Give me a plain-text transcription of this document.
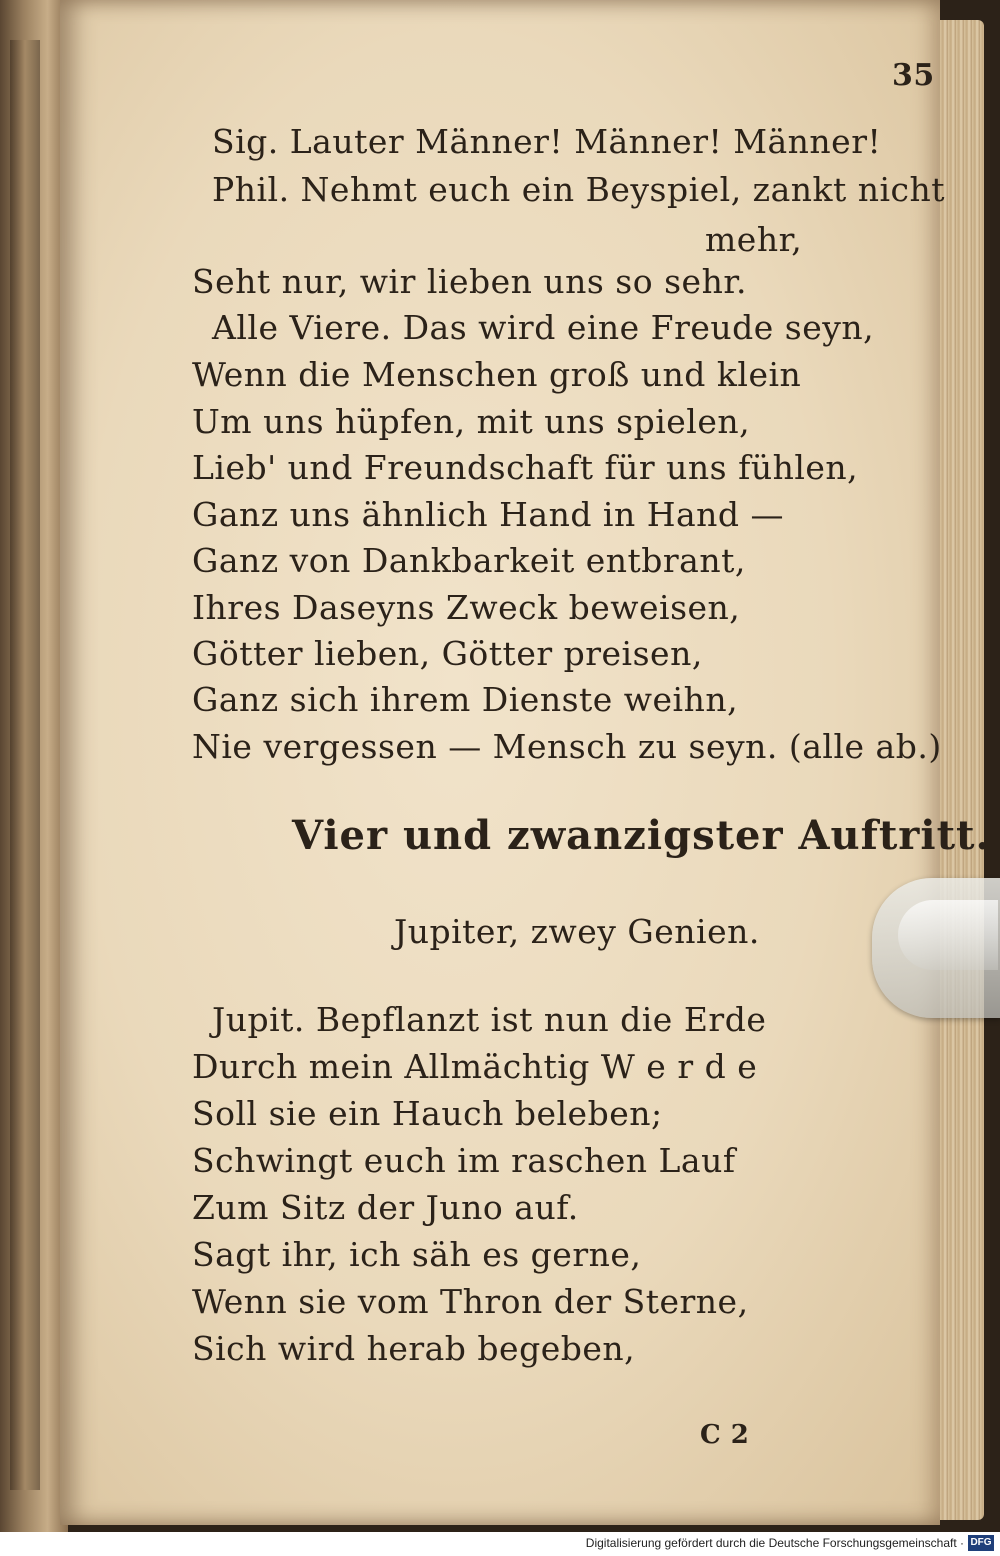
35
Sig. Lauter Männer! Männer! Männer!
Phil. Nehmt euch ein Beyspiel, zankt nicht
mehr,
Seht nur, wir lieben uns so sehr.
Alle Viere. Das wird eine Freude seyn,
Wenn die Menschen groß und klein
Um uns hüpfen, mit uns spielen,
Lieb' und Freundschaft für uns fühlen,
Ganz uns ähnlich Hand in Hand —
Ganz von Dankbarkeit entbrant,
Ihres Daseyns Zweck beweisen,
Götter lieben, Götter preisen,
Ganz sich ihrem Dienste weihn,
Nie vergessen — Mensch zu seyn. (alle ab.)
Vier und zwanzigster Auftritt.
Jupiter, zwey Genien.
Jupit. Bepflanzt ist nun die Erde
Durch mein Allmächtig W e r d e
Soll sie ein Hauch beleben;
Schwingt euch im raschen Lauf
Zum Sitz der Juno auf.
Sagt ihr, ich säh es gerne,
Wenn sie vom Thron der Sterne,
Sich wird herab begeben,
C 2
Digitalisierung gefördert durch die Deutsche Forschungsgemeinschaft · DFG
